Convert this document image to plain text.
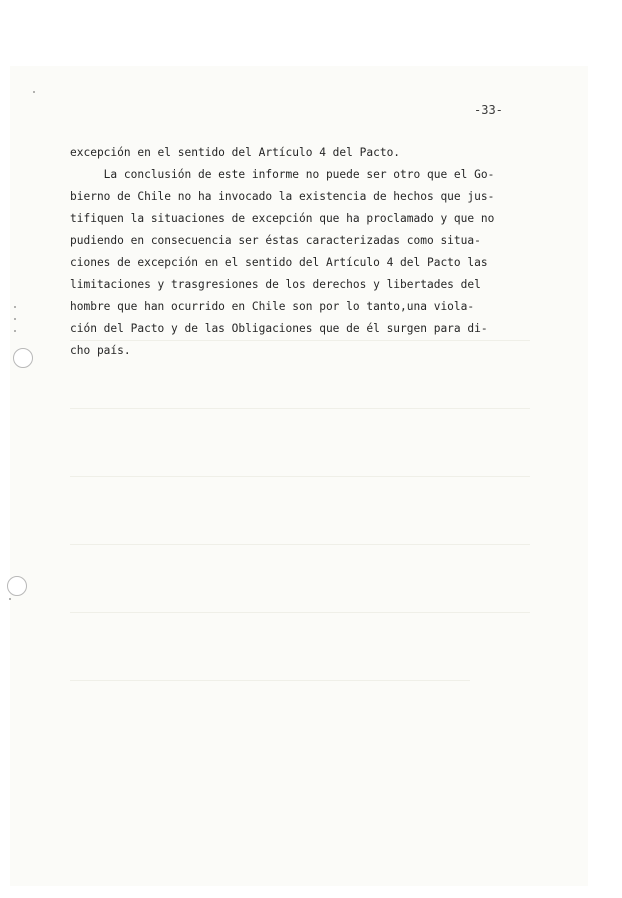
-33-
excepción en el sentido del Artículo 4 del Pacto.
La conclusión de este informe no puede ser otro que el Go-
bierno de Chile no ha invocado la existencia de hechos que jus-
tifiquen la situaciones de excepción que ha proclamado y que no
pudiendo en consecuencia ser éstas caracterizadas como situa-
ciones de excepción en el sentido del Artículo 4 del Pacto las
limitaciones y trasgresiones de los derechos y libertades del
hombre que han ocurrido en Chile son por lo tanto,una viola-
ción del Pacto y de las Obligaciones que de él surgen para di-
cho país.
